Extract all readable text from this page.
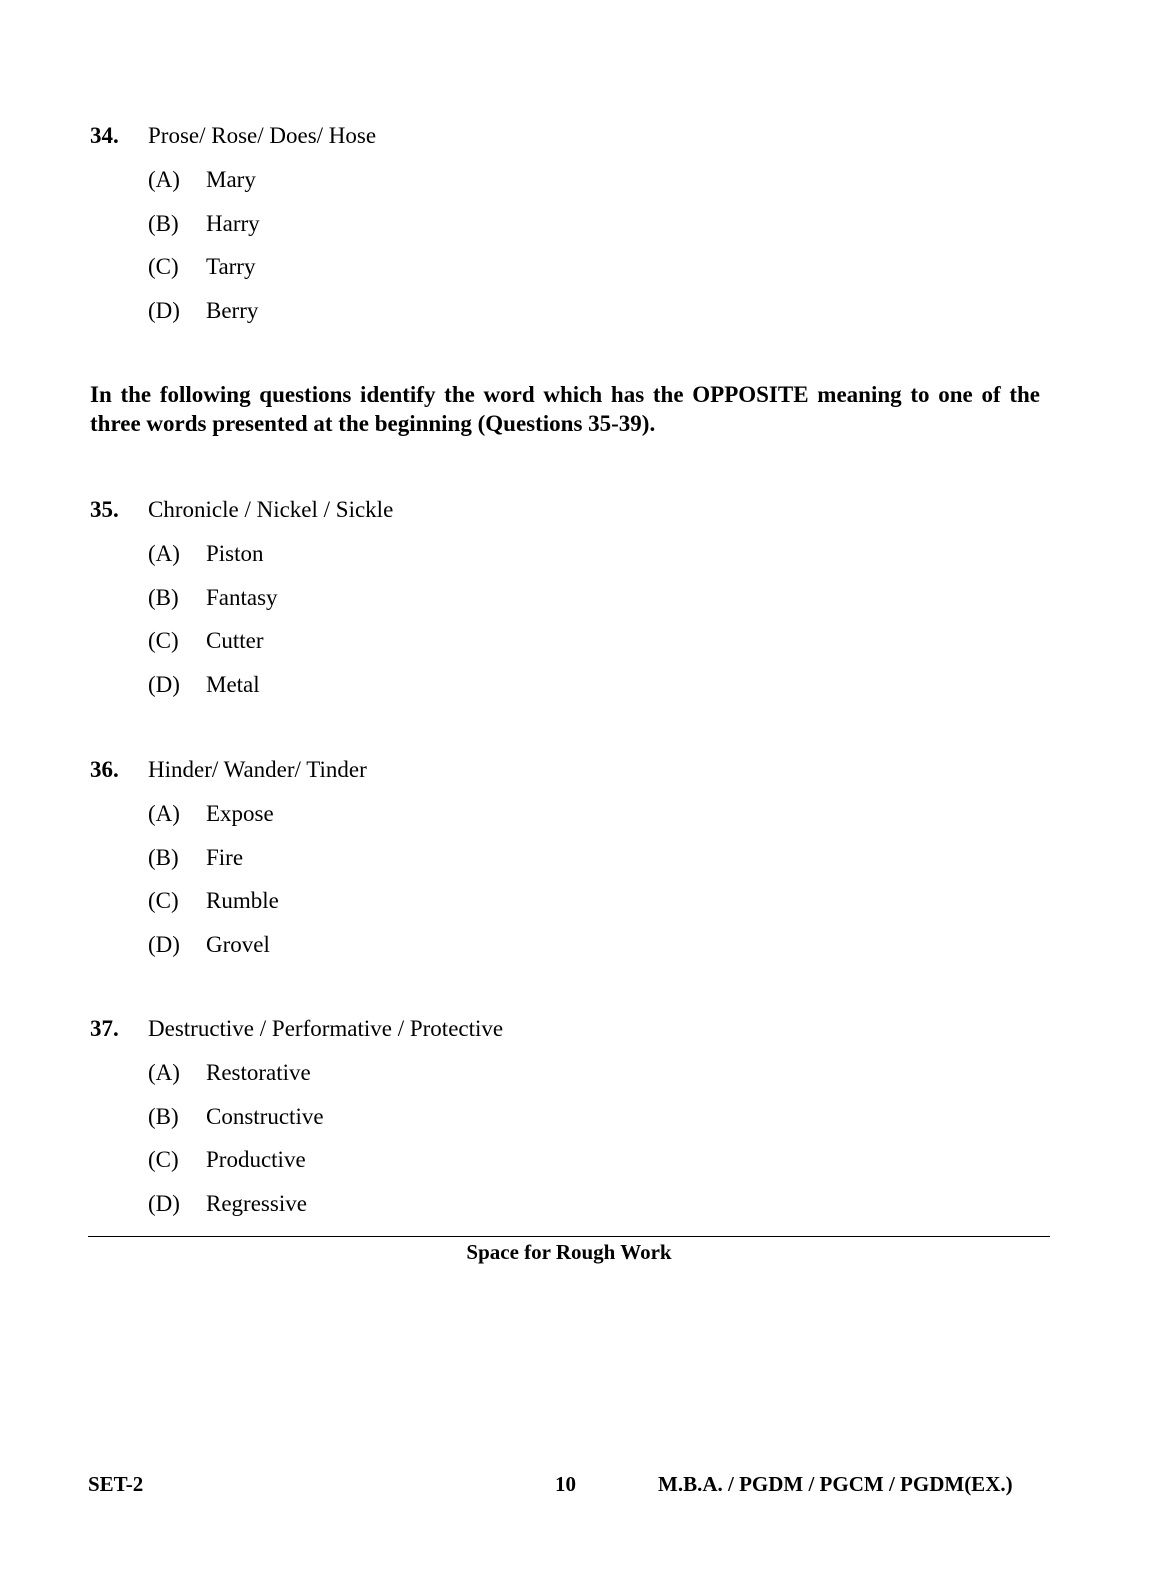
34. Prose/ Rose/ Does/ Hose
(A) Mary
(B) Harry
(C) Tarry
(D) Berry
In the following questions identify the word which has the OPPOSITE meaning to one of the three words presented at the beginning (Questions 35-39).
35. Chronicle / Nickel / Sickle
(A) Piston
(B) Fantasy
(C) Cutter
(D) Metal
36. Hinder/ Wander/ Tinder
(A) Expose
(B) Fire
(C) Rumble
(D) Grovel
37. Destructive / Performative / Protective
(A) Restorative
(B) Constructive
(C) Productive
(D) Regressive
Space for Rough Work
SET-2	10	M.B.A. / PGDM / PGCM / PGDM(EX.)
